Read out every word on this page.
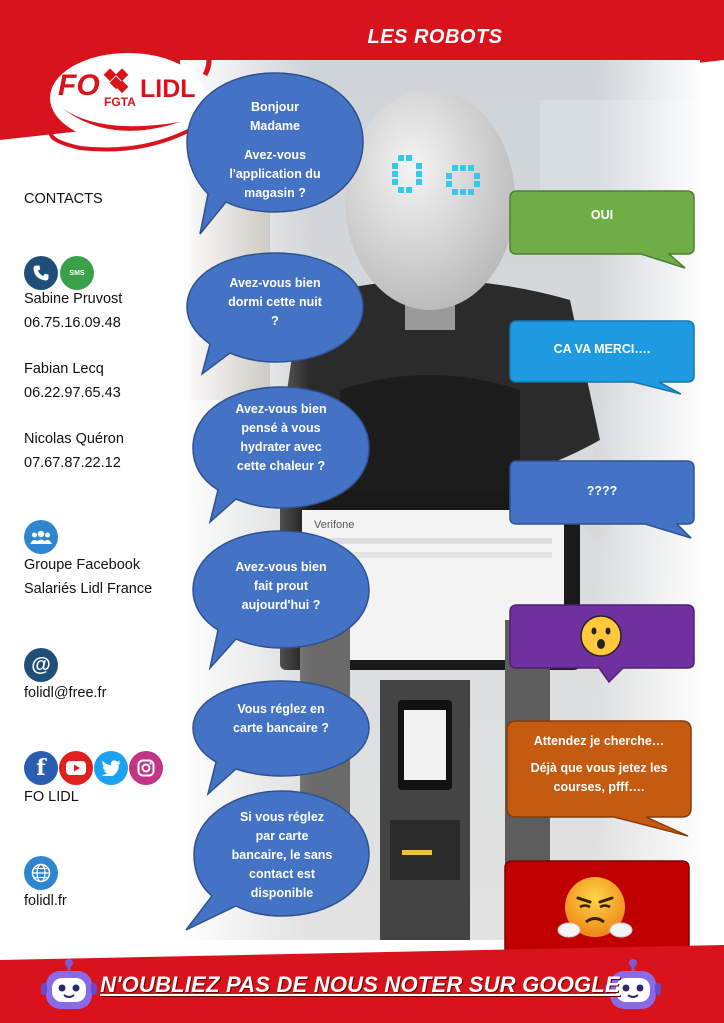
LES ROBOTS
FO LIDL
FGTA
CONTACTS
SMS
Sabine Pruvost
06.75.16.09.48
Fabian Lecq
06.22.97.65.43
Nicolas Quéron
07.67.87.22.12
Groupe Facebook
Salariés Lidl France
@
folidl@free.fr
f
FO LIDL
folidl.fr
Bonjour
Madame
Avez-vous
l'application du
magasin ?
Avez-vous bien
dormi cette nuit
?
Avez-vous bien
pensé à vous
hydrater avec
cette chaleur ?
Avez-vous bien
fait prout
aujourd'hui ?
Vous réglez en
carte bancaire ?
Si vous réglez
par carte
bancaire, le sans
contact est
disponible
OUI
CA VA MERCI….
????
Attendez je cherche…
Déjà que vous jetez les
courses, pfff….
N'OUBLIEZ PAS DE NOUS NOTER SUR GOOGLE
